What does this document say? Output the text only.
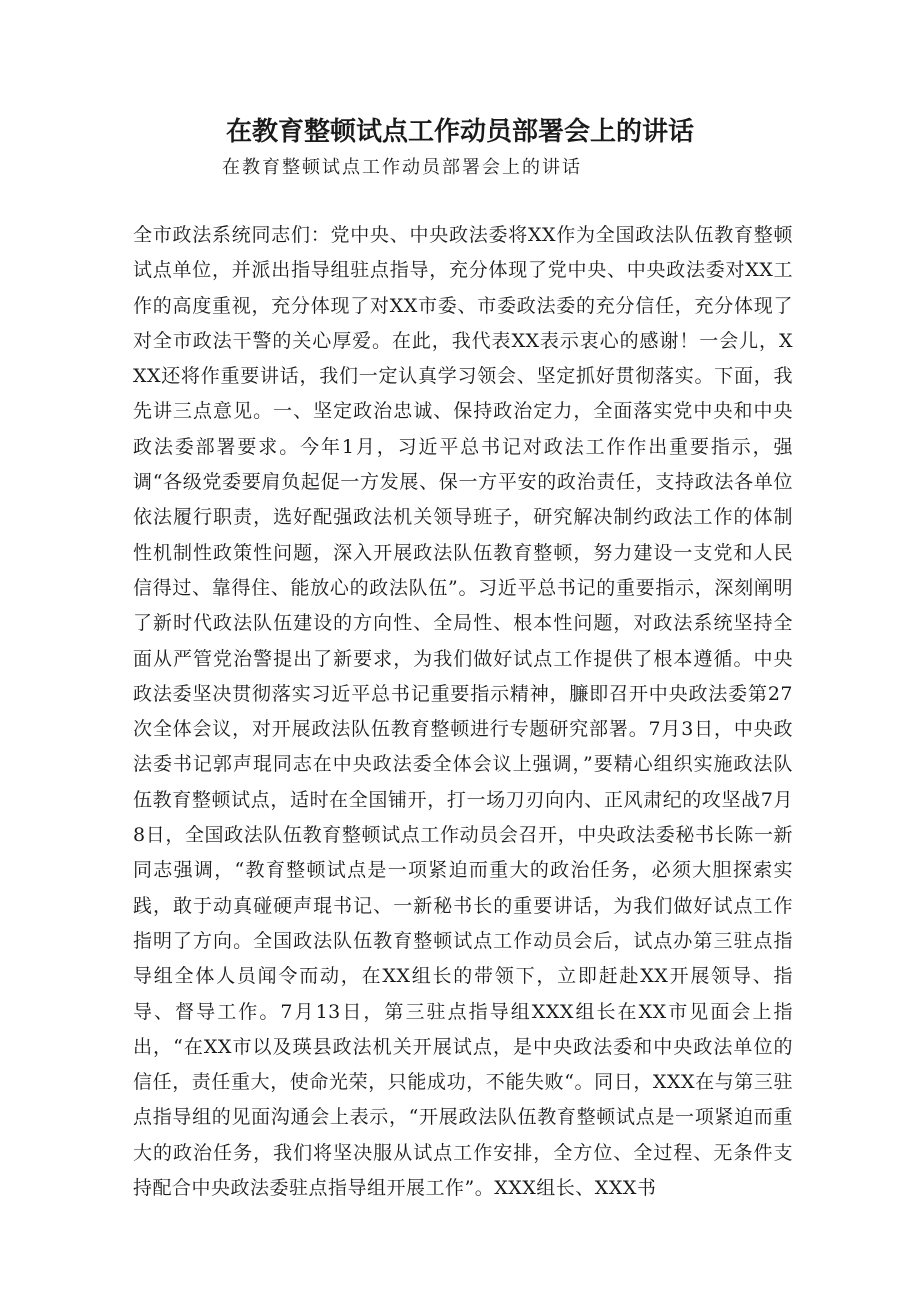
在教育整顿试点工作动员部署会上的讲话

在教育整顿试点工作动员部署会上的讲话

全市政法系统同志们：党中央、中央政法委将XX作为全国政法队伍教育整顿试点单位，并派出指导组驻点指导，充分体现了党中央、中央政法委对XX工作的高度重视，充分体现了对XX市委、市委政法委的充分信任，充分体现了对全市政法干警的关心厚爱。在此，我代表XX表示衷心的感谢！一会儿，XXX还将作重要讲话，我们一定认真学习领会、坚定抓好贯彻落实。下面，我先讲三点意见。一、坚定政治忠诚、保持政治定力，全面落实党中央和中央政法委部署要求。今年1月，习近平总书记对政法工作作出重要指示，强调“各级党委要肩负起促一方发展、保一方平安的政治责任，支持政法各单位依法履行职责，选好配强政法机关领导班子，研究解决制约政法工作的体制性机制性政策性问题，深入开展政法队伍教育整顿，努力建设一支党和人民信得过、靠得住、能放心的政法队伍”。习近平总书记的重要指示，深刻阐明了新时代政法队伍建设的方向性、全局性、根本性问题，对政法系统坚持全面从严管党治警提出了新要求，为我们做好试点工作提供了根本遵循。中央政法委坚决贯彻落实习近平总书记重要指示精神，臁即召开中央政法委第27次全体会议，对开展政法队伍教育整顿进行专题研究部署。7月3日，中央政法委书记郭声琨同志在中央政法委全体会议上强调，”要精心组织实施政法队伍教育整顿试点，适时在全国铺开，打一场刀刃向内、正风肃纪的攻坚战7月8日，全国政法队伍教育整顿试点工作动员会召开，中央政法委秘书长陈一新同志强调，“教育整顿试点是一项紧迫而重大的政治任务，必须大胆探索实践，敢于动真碰硬声琨书记、一新秘书长的重要讲话，为我们做好试点工作指明了方向。全国政法队伍教育整顿试点工作动员会后，试点办第三驻点指导组全体人员闻令而动，在XX组长的带领下，立即赶赴XX开展领导、指导、督导工作。7月13日，第三驻点指导组XXX组长在XX市见面会上指出，“在XX市以及瑛县政法机关开展试点，是中央政法委和中央政法单位的信任，责任重大，使命光荣，只能成功，不能失败“。同日，XXX在与第三驻点指导组的见面沟通会上表示，“开展政法队伍教育整顿试点是一项紧迫而重大的政治任务，我们将坚决服从试点工作安排，全方位、全过程、无条件支持配合中央政法委驻点指导组开展工作”。XXX组长、XXX书
